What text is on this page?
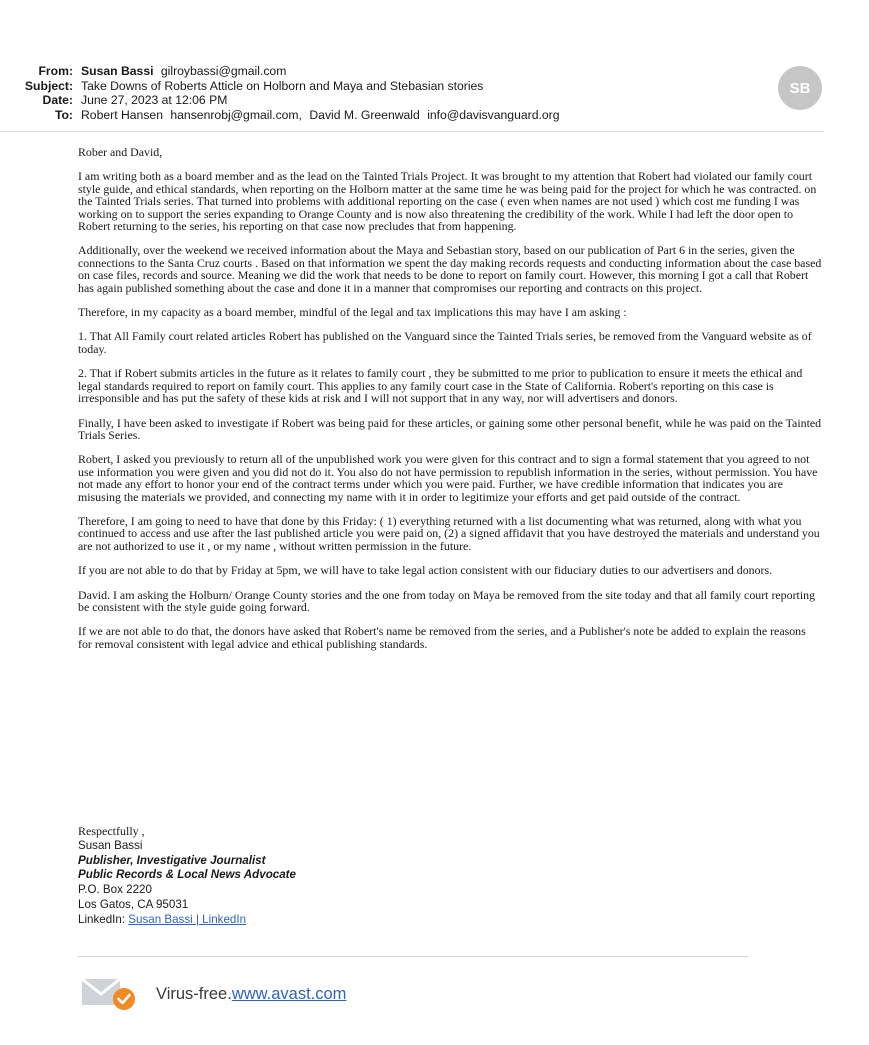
From: Susan Bassi gilroybassi@gmail.com
Subject: Take Downs of Roberts Atticle on Holborn and Maya and Stebasian stories
Date: June 27, 2023 at 12:06 PM
To: Robert Hansen hansenrobj@gmail.com, David M. Greenwald info@davisvanguard.org
SB

Rober and David,

I am writing both as a board member and as the lead on the Tainted Trials Project. It was brought to my attention that Robert had violated our family court style guide, and ethical standards, when reporting on the Holborn matter at the same time he was being paid for the project for which he was contracted. on the Tainted Trials series. That turned into problems with additional reporting on the case ( even when names are not used ) which cost me funding I was working on to support the series expanding to Orange County and is now also threatening the credibility of the work. While I had left the door open to Robert returning to the series, his reporting on that case now precludes that from happening.

Additionally, over the weekend we received information about the Maya and Sebastian story, based on our publication of Part 6 in the series, given the connections to the Santa Cruz courts . Based on that information we spent the day making records requests and conducting information about the case based on case files, records and source. Meaning we did the work that needs to be done to report on family court. However, this morning I got a call that Robert has again published something about the case and done it in a manner that compromises our reporting and contracts on this project.

Therefore, in my capacity as a board member, mindful of the legal and tax implications this may have I am asking :

1. That All Family court related articles Robert has published on the Vanguard since the Tainted Trials series, be removed from the Vanguard website as of today.

2. That if Robert submits articles in the future as it relates to family court , they be submitted to me prior to publication to ensure it meets the ethical and legal standards required to report on family court. This applies to any family court case in the State of California. Robert's reporting on this case is irresponsible and has put the safety of these kids at risk and I will not support that in any way, nor will advertisers and donors.

Finally, I have been asked to investigate if Robert was being paid for these articles, or gaining some other personal benefit, while he was paid on the Tainted Trials Series.

Robert, I asked you previously to return all of the unpublished work you were given for this contract and to sign a formal statement that you agreed to not use information you were given and you did not do it. You also do not have permission to republish information in the series, without permission. You have not made any effort to honor your end of the contract terms under which you were paid. Further, we have credible information that indicates you are misusing the materials we provided, and connecting my name with it in order to legitimize your efforts and get paid outside of the contract.

Therefore, I am going to need to have that done by this Friday: ( 1) everything returned with a list documenting what was returned, along with what you continued to access and use after the last published article you were paid on, (2) a signed affidavit that you have destroyed the materials and understand you are not authorized to use it , or my name , without written permission in the future.

If you are not able to do that by Friday at 5pm, we will have to take legal action consistent with our fiduciary duties to our advertisers and donors.

David. I am asking the Holburn/ Orange County stories and the one from today on Maya be removed from the site today and that all family court reporting be consistent with the style guide going forward.

If we are not able to do that, the donors have asked that Robert's name be removed from the series, and a Publisher's note be added to explain the reasons for removal consistent with legal advice and ethical publishing standards.

Respectfully ,
Susan Bassi
Publisher, Investigative Journalist
Public Records & Local News Advocate
P.O. Box 2220
Los Gatos, CA 95031
LinkedIn: Susan Bassi | LinkedIn
Virus-free.www.avast.com
